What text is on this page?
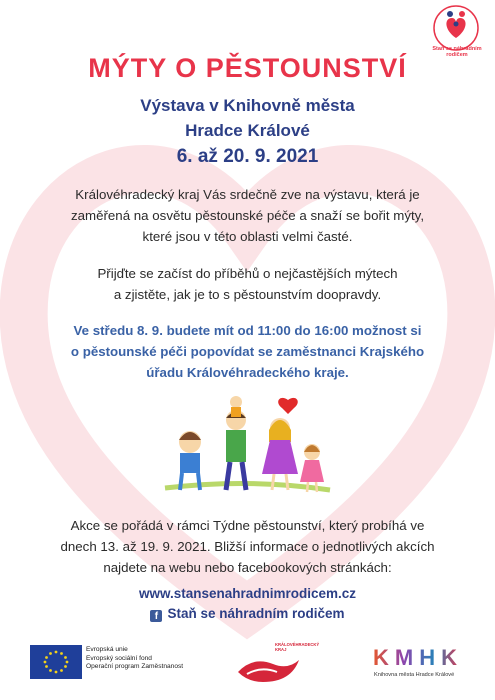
Staň se náhradním rodičem
MÝTY O PĚSTOUNSTVÍ
Výstava v Knihovně města
Hradce Králové
6. až 20. 9. 2021
Královéhradecký kraj Vás srdečně zve na výstavu, která je
zaměřená na osvětu pěstounské péče a snaží se bořit mýty,
které jsou v této oblasti velmi časté.
Přijďte se začíst do příběhů o nejčastějších mýtech
a zjistěte, jak je to s pěstounstvím doopravdy.
Ve středu 8. 9. budete mít od 11:00 do 16:00 možnost si
o pěstounské péči popovídat se zaměstnanci Krajského
úřadu Královéhradeckého kraje.
Akce se pořádá v rámci Týdne pěstounství, který probíhá ve
dnech 13. až 19. 9. 2021. Bližší informace o jednotlivých akcích
najdete na webu nebo facebookových stránkách:
www.stansenahradnimrodicem.cz
f Staň se náhradním rodičem
Evropská unie
Evropský sociální fond
Operační program Zaměstnanost
KRÁLOVÉHRADECKÝ
KRAJ	KMHK
Knihovna města Hradce Králové
